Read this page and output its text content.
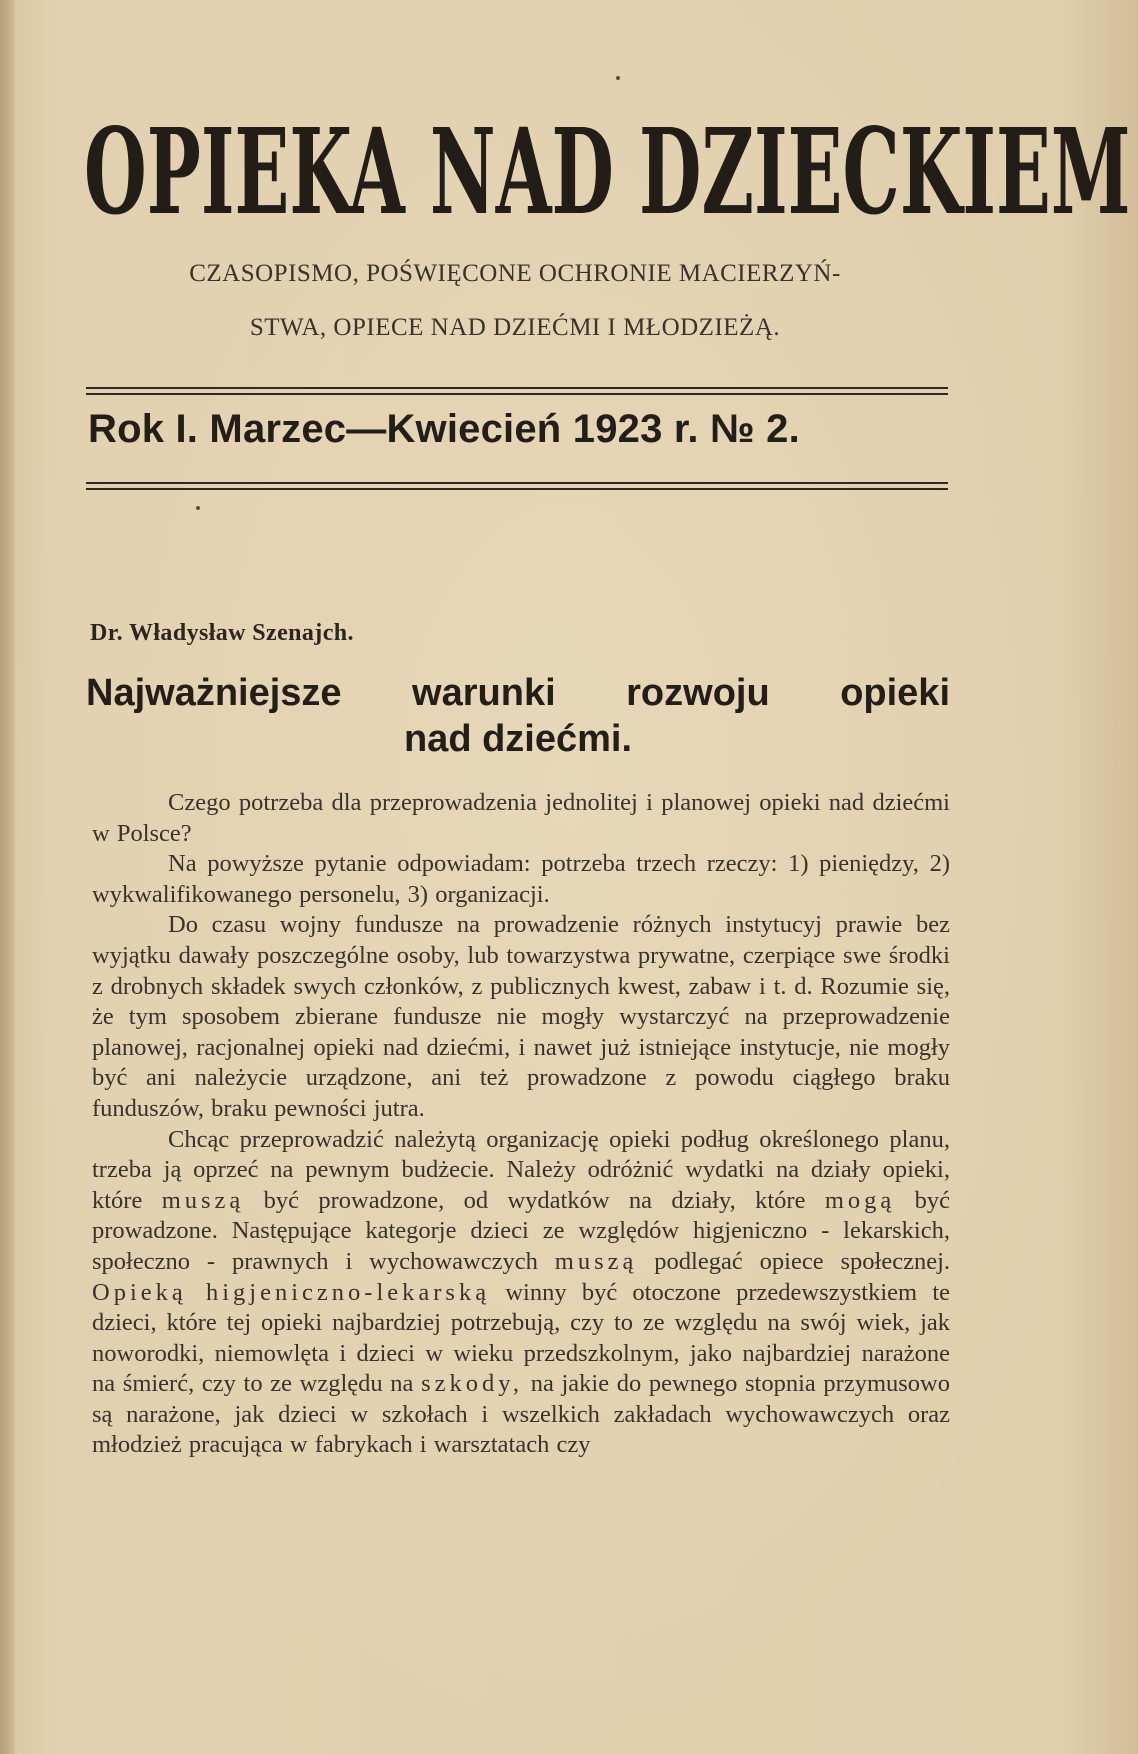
OPIEKA NAD DZIECKIEM
CZASOPISMO, POŚWIĘCONE OCHRONIE MACIERZYŃ-
STWA, OPIECE NAD DZIEĆMI I MŁODZIEŻĄ.
Rok I. Marzec—Kwiecień 1923 r. № 2.
Dr. Władysław Szenajch.
Najważniejsze warunki rozwoju opieki
nad dziećmi.

Czego potrzeba dla przeprowadzenia jednolitej i planowej opieki nad dziećmi w Polsce?

Na powyższe pytanie odpowiadam: potrzeba trzech rzeczy: 1) pieniędzy, 2) wykwalifikowanego personelu, 3) organizacji.

Do czasu wojny fundusze na prowadzenie różnych instytucyj prawie bez wyjątku dawały poszczególne osoby, lub towarzystwa prywatne, czerpiące swe środki z drobnych składek swych członków, z publicznych kwest, zabaw i t. d. Rozumie się, że tym sposobem zbierane fundusze nie mogły wystarczyć na przeprowadzenie planowej, racjonalnej opieki nad dziećmi, i nawet już istniejące instytucje, nie mogły być ani należycie urządzone, ani też prowadzone z powodu ciągłego braku funduszów, braku pewności jutra.

Chcąc przeprowadzić należytą organizację opieki podług określonego planu, trzeba ją oprzeć na pewnym budżecie. Należy odróżnić wydatki na działy opieki, które muszą być prowadzone, od wydatków na działy, które mogą być prowadzone. Następujące kategorje dzieci ze względów higjeniczno - lekarskich, społeczno - prawnych i wychowawczych muszą podlegać opiece społecznej. Opieką higjeniczno-lekarską winny być otoczone przedewszystkiem te dzieci, które tej opieki najbardziej potrzebują, czy to ze względu na swój wiek, jak noworodki, niemowlęta i dzieci w wieku przedszkolnym, jako najbardziej narażone na śmierć, czy to ze względu na szkody, na jakie do pewnego stopnia przymusowo są narażone, jak dzieci w szkołach i wszelkich zakładach wychowawczych oraz młodzież pracująca w fabrykach i warsztatach czy
